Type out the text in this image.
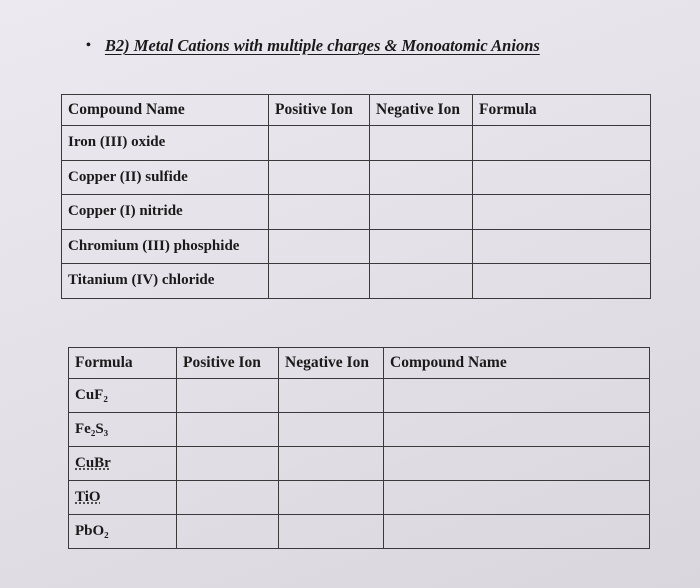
• B2) Metal Cations with multiple charges & Monoatomic Anions
Compound Name	Positive Ion	Negative Ion	Formula
Iron (III) oxide			
Copper (II) sulfide			
Copper (I) nitride			
Chromium (III) phosphide			
Titanium (IV) chloride			
Formula	Positive Ion	Negative Ion	Compound Name
CuF₂			
Fe₂S₃			
CuBr			
TiO			
PbO₂			
